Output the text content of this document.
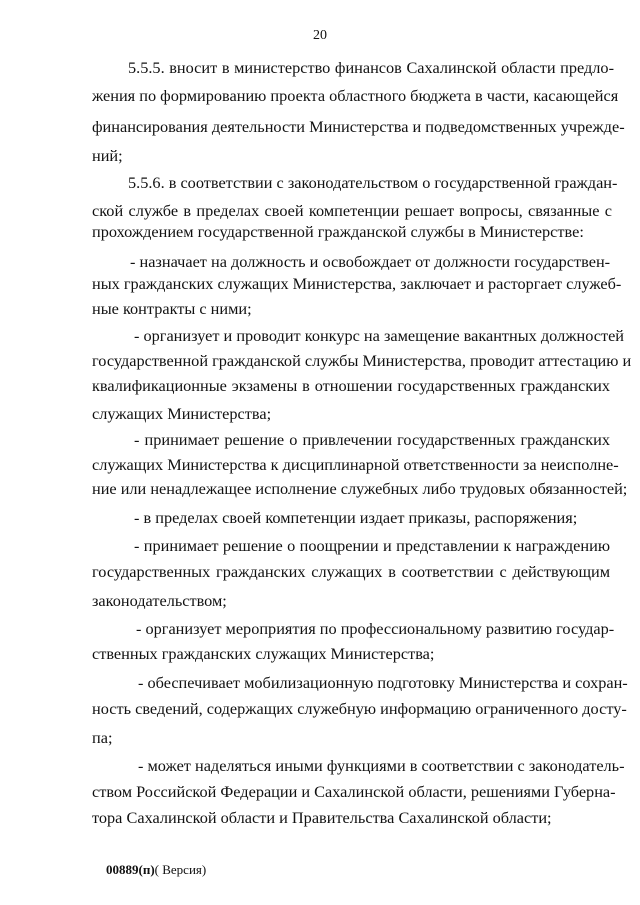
20
5.5.5. вносит в министерство финансов Сахалинской области предло-
жения по формированию проекта областного бюджета в части, касающейся
финансирования деятельности Министерства и подведомственных учрежде-
ний;
5.5.6. в соответствии с законодательством о государственной граждан-
ской службе в пределах своей компетенции решает вопросы, связанные с
прохождением государственной гражданской службы в Министерстве:
- назначает на должность и освобождает от должности государствен-
ных гражданских служащих Министерства, заключает и расторгает служеб-
ные контракты с ними;
- организует и проводит конкурс на замещение вакантных должностей
государственной гражданской службы Министерства, проводит аттестацию и
квалификационные экзамены в отношении государственных гражданских
служащих Министерства;
- принимает решение о привлечении государственных гражданских
служащих Министерства к дисциплинарной ответственности за неисполне-
ние или ненадлежащее исполнение служебных либо трудовых обязанностей;
- в пределах своей компетенции издает приказы, распоряжения;
- принимает решение о поощрении и представлении к награждению
государственных гражданских служащих в соответствии с действующим
законодательством;
- организует мероприятия по профессиональному развитию государ-
ственных гражданских служащих Министерства;
- обеспечивает мобилизационную подготовку Министерства и сохран-
ность сведений, содержащих служебную информацию ограниченного досту-
па;
- может наделяться иными функциями в соответствии с законодатель-
ством Российской Федерации и Сахалинской области, решениями Губерна-
тора Сахалинской области и Правительства Сахалинской области;
00889(п)( Версия)
